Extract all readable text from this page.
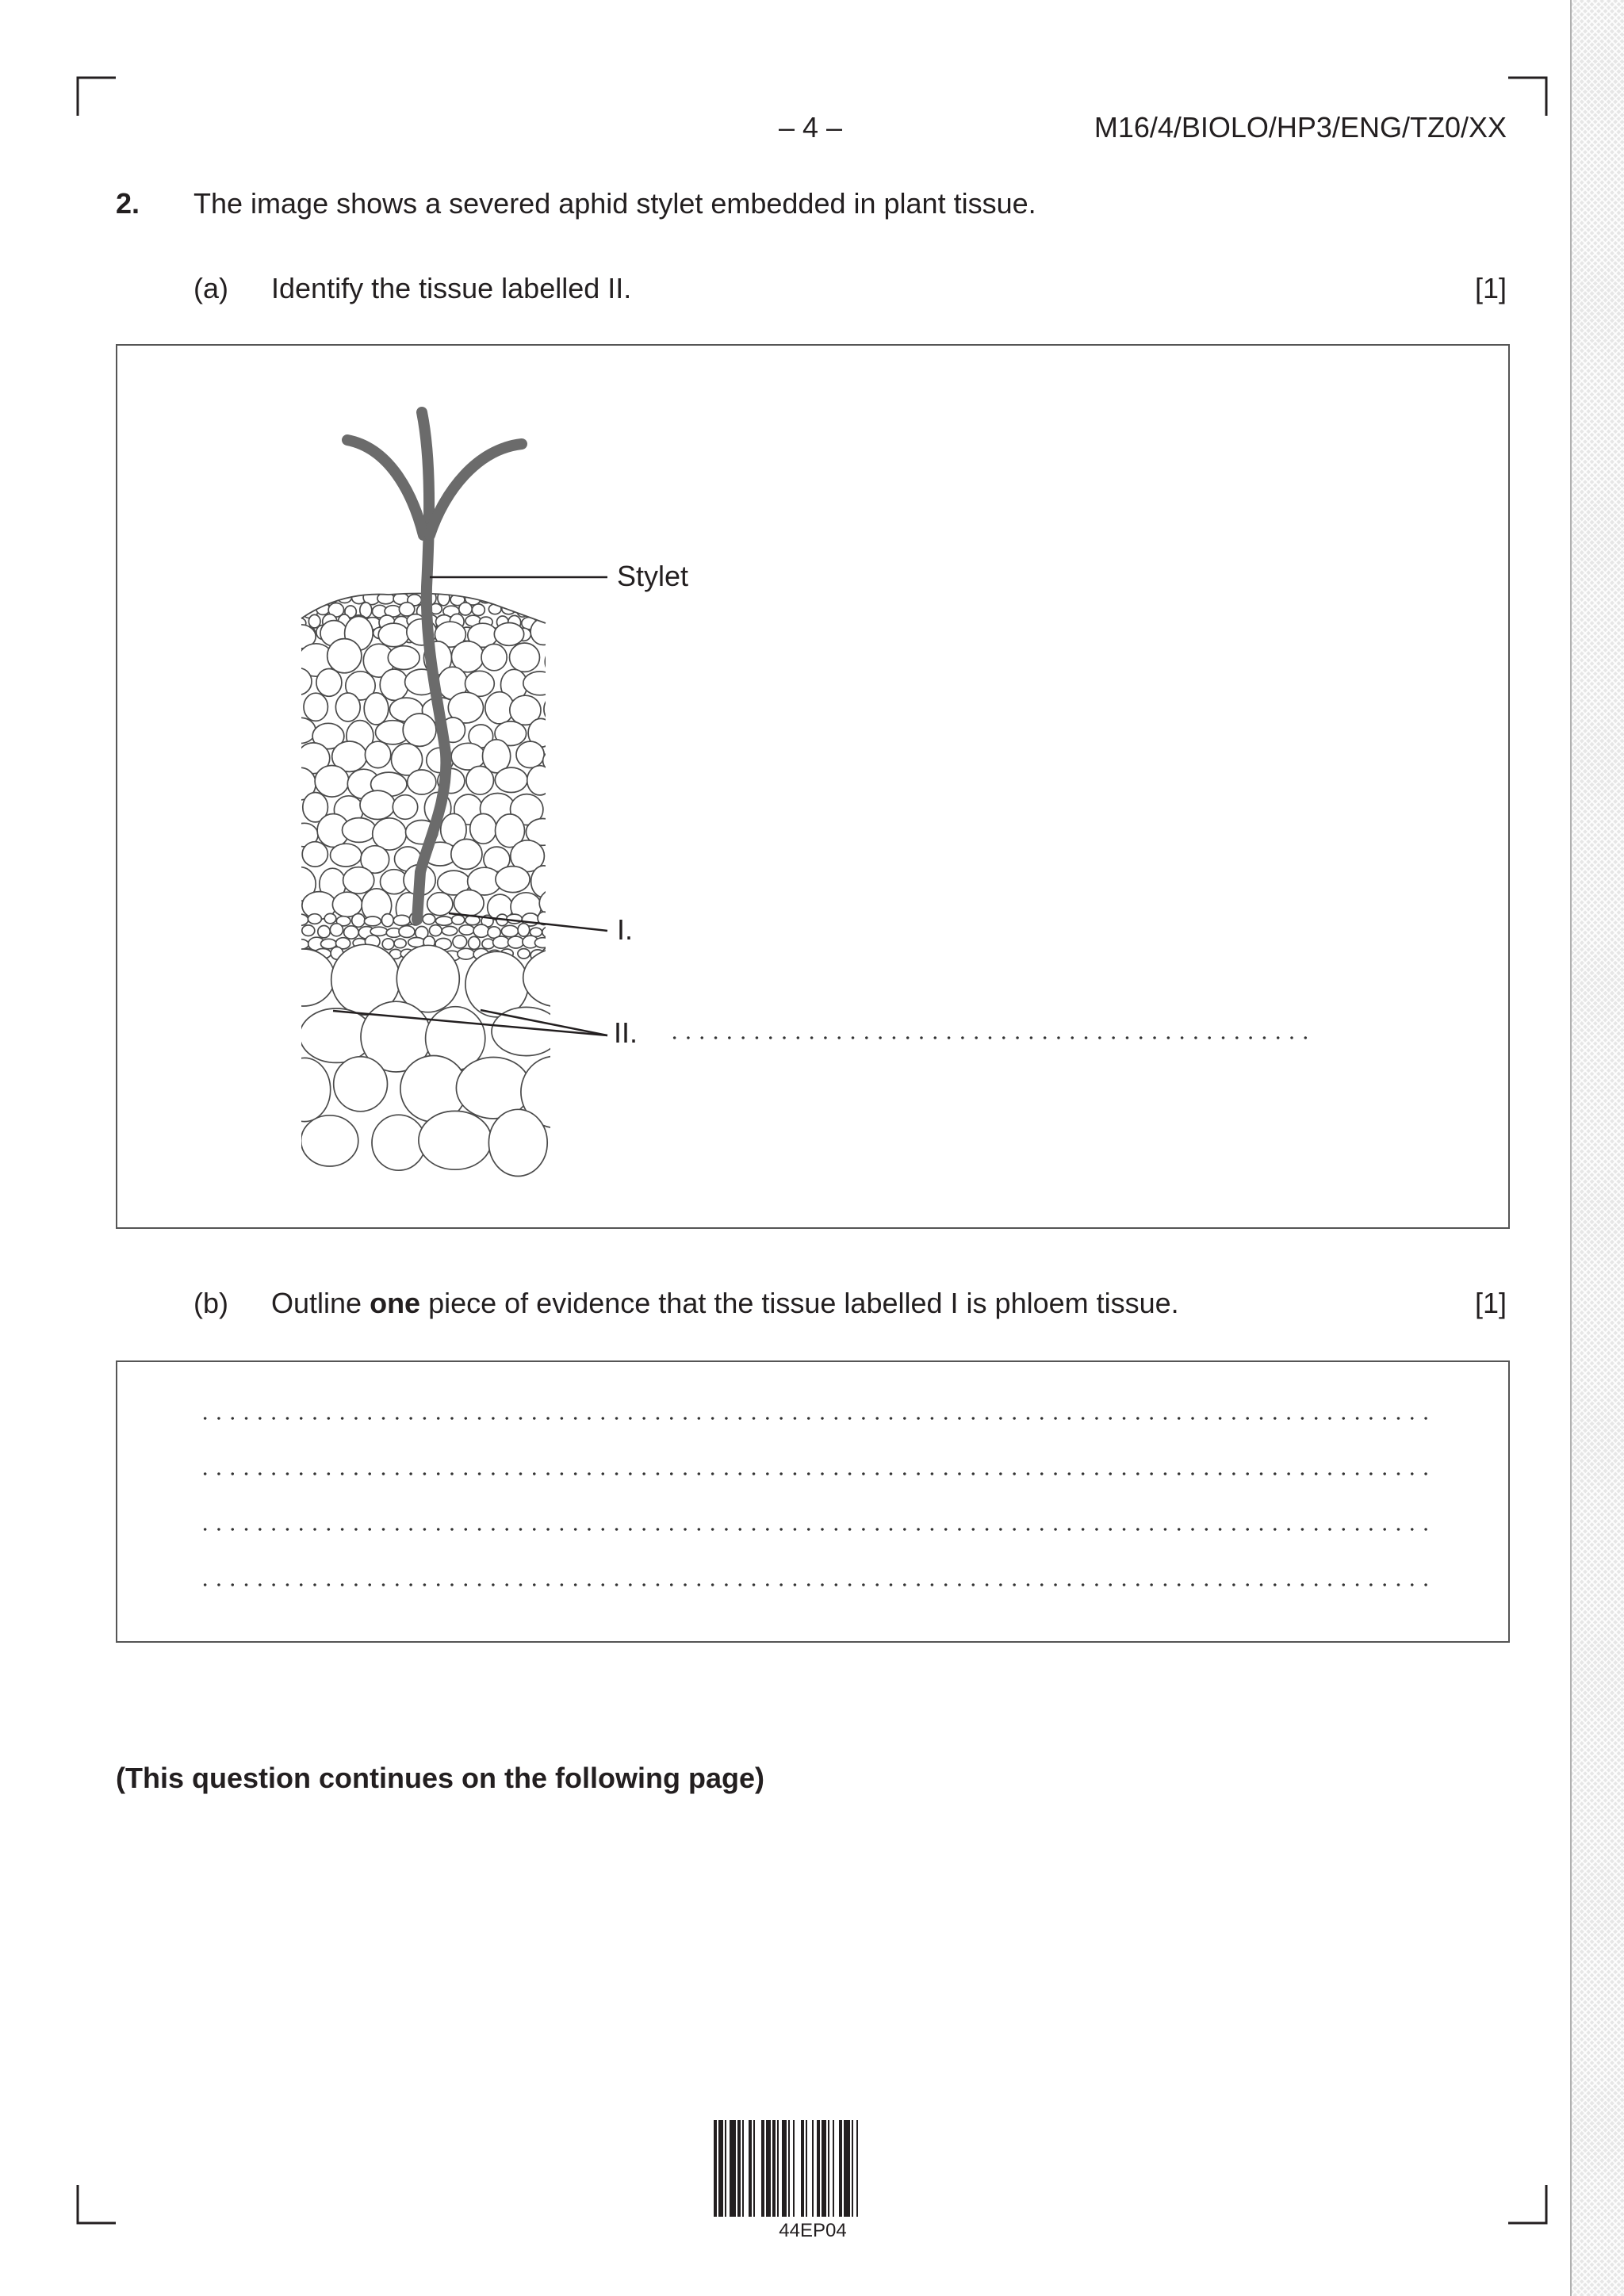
– 4 –	M16/4/BIOLO/HP3/ENG/TZ0/XX
2. The image shows a severed aphid stylet embedded in plant tissue.
(a) Identify the tissue labelled II.	[1]
Stylet
I.
II.
(b) Outline one piece of evidence that the tissue labelled I is phloem tissue.	[1]
(This question continues on the following page)
44EP04
